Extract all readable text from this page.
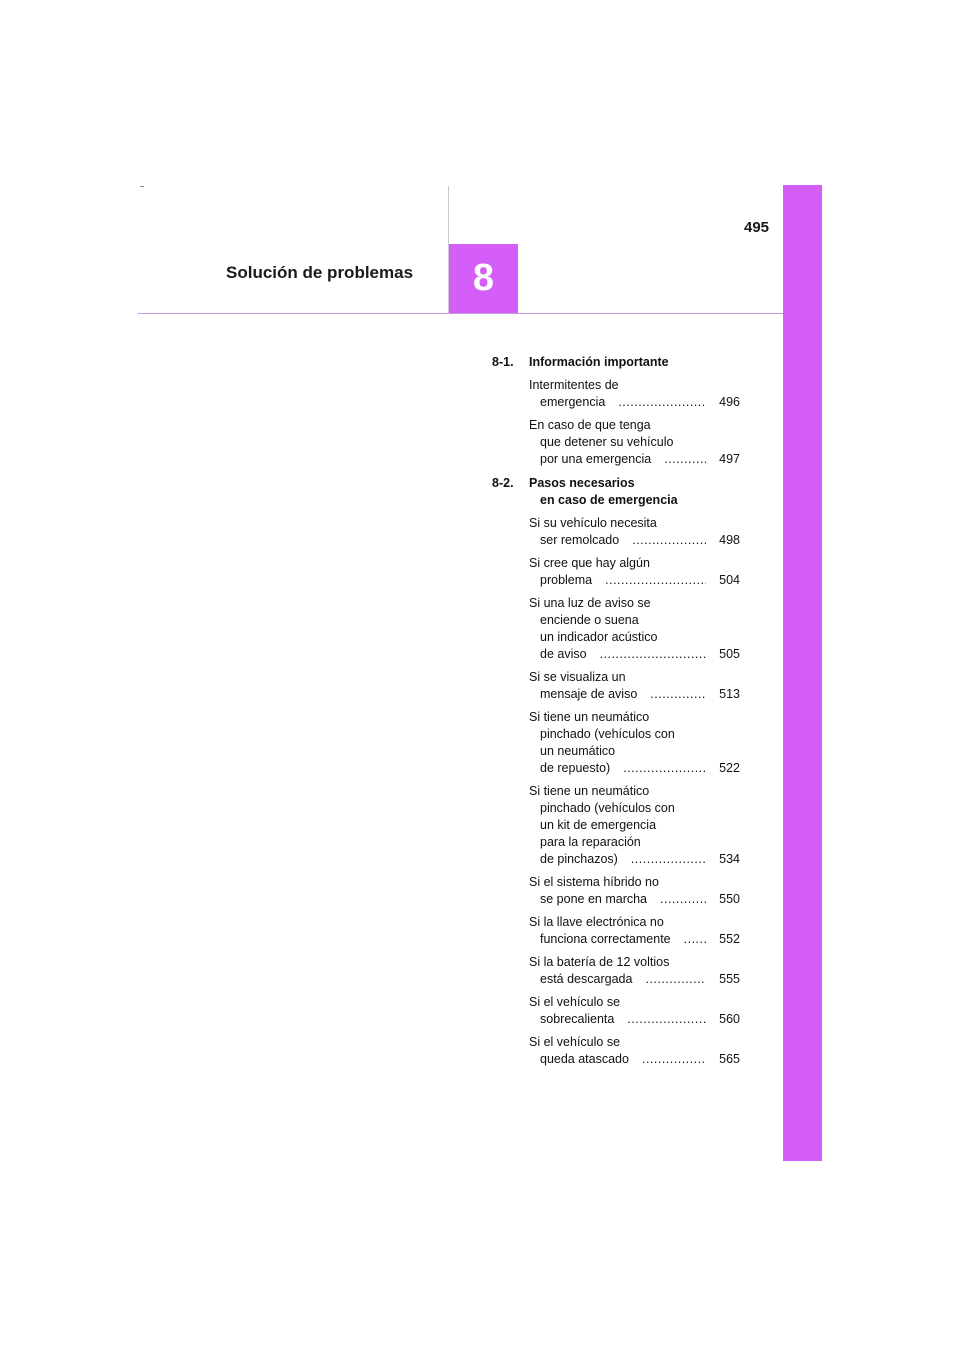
Solución de problemas 8
495
8-1.	Información importante
Intermitentes de
emergencia .....	496
En caso de que tenga
que detener su vehículo
por una emergencia .....	497
8-2.	Pasos necesarios
en caso de emergencia
Si su vehículo necesita
ser remolcado .....	498
Si cree que hay algún
problema .....	504
Si una luz de aviso se
enciende o suena
un indicador acústico
de aviso .....	505
Si se visualiza un
mensaje de aviso .....	513
Si tiene un neumático
pinchado (vehículos con
un neumático
de repuesto) .....	522
Si tiene un neumático
pinchado (vehículos con
un kit de emergencia
para la reparación
de pinchazos) .....	534
Si el sistema híbrido no
se pone en marcha .....	550
Si la llave electrónica no
funciona correctamente .....	552
Si la batería de 12 voltios
está descargada .....	555
Si el vehículo se
sobrecalienta .....	560
Si el vehículo se
queda atascado .....	565
